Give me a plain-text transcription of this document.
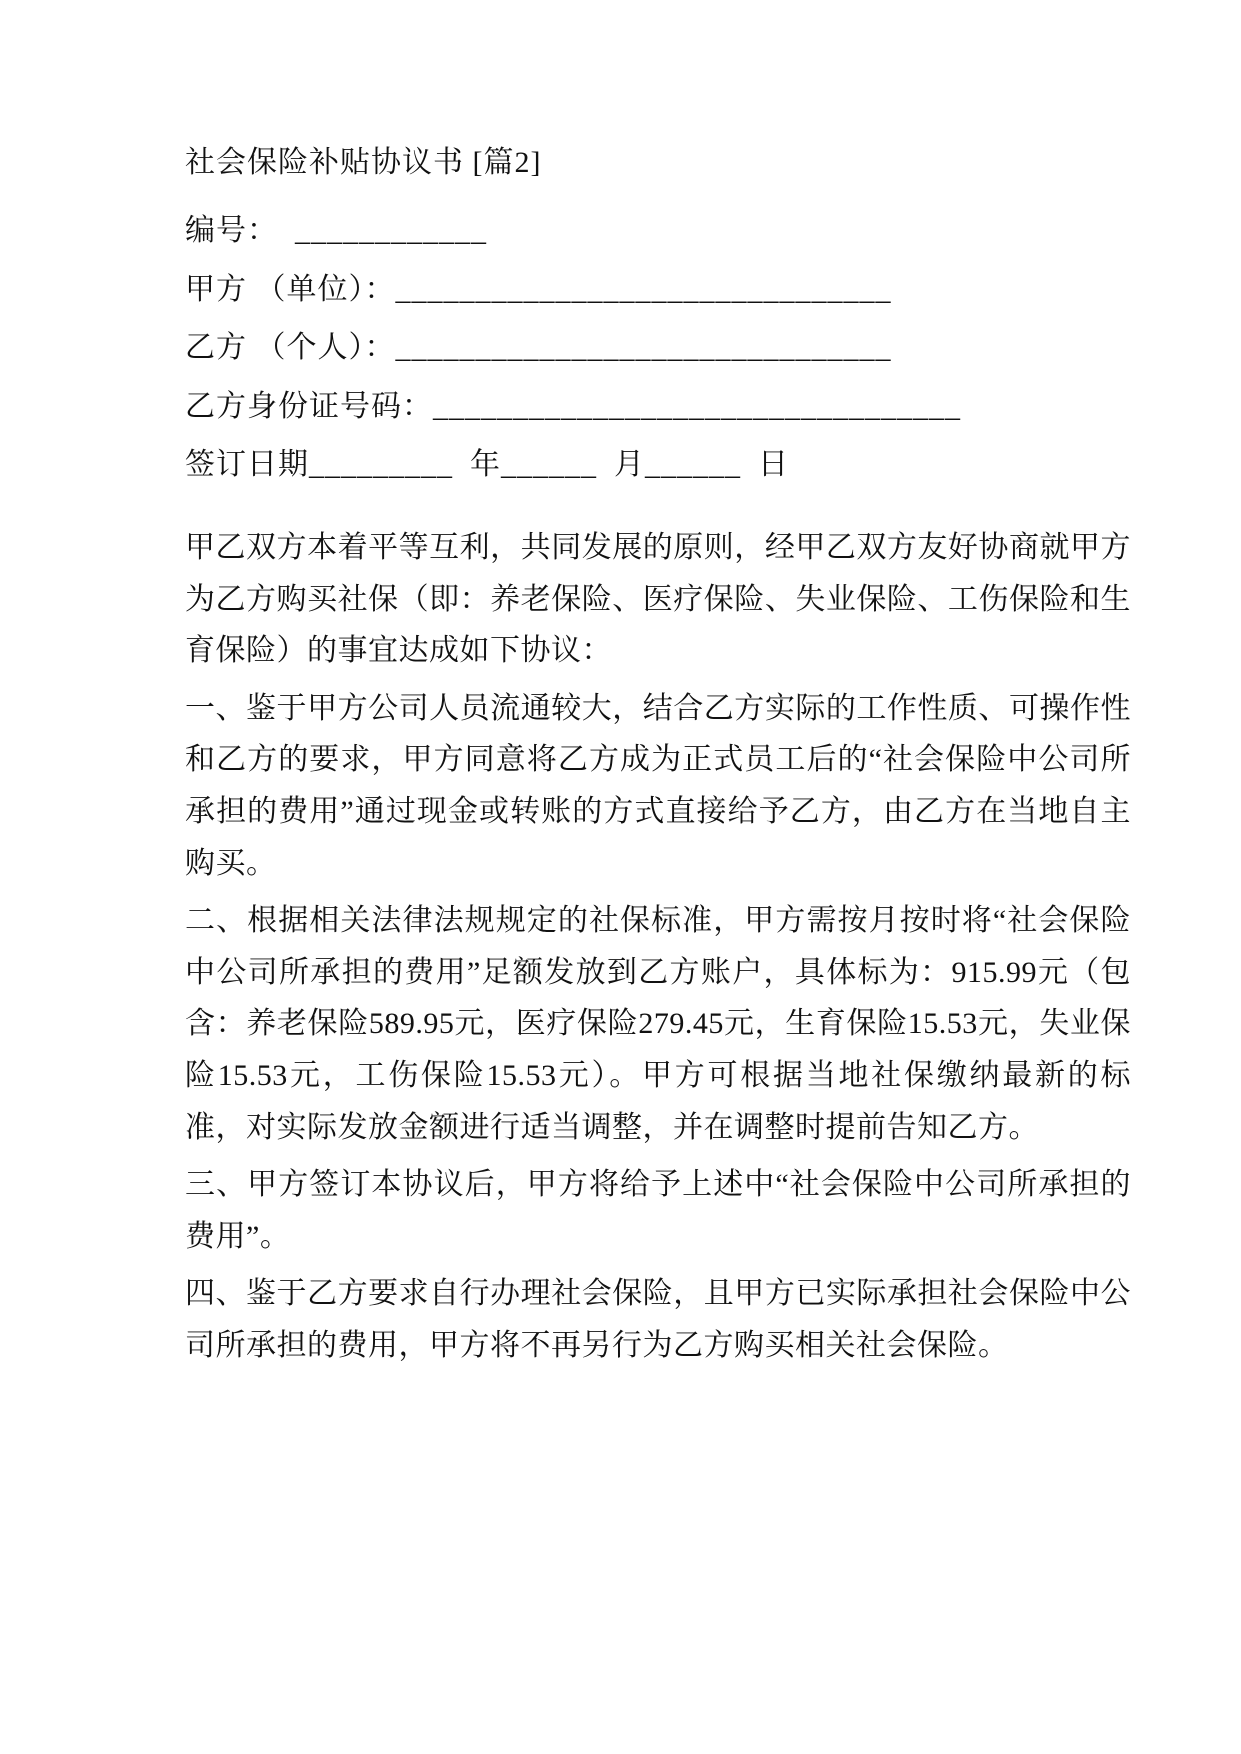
社会保险补贴协议书 [篇2]
编号：  ____________
甲方 （单位）：_______________________________
乙方 （个人）：_______________________________
乙方身份证号码：_________________________________
签订日期_________  年______  月______  日

甲乙双方本着平等互利，共同发展的原则，经甲乙双方友好协商就甲方为乙方购买社保（即：养老保险、医疗保险、失业保险、工伤保险和生育保险）的事宜达成如下协议：

一、鉴于甲方公司人员流通较大，结合乙方实际的工作性质、可操作性和乙方的要求，甲方同意将乙方成为正式员工后的“社会保险中公司所承担的费用”通过现金或转账的方式直接给予乙方，由乙方在当地自主购买。

二、根据相关法律法规规定的社保标准，甲方需按月按时将“社会保险中公司所承担的费用”足额发放到乙方账户，具体标为：915.99元（包含：养老保险589.95元，医疗保险279.45元，生育保险15.53元，失业保险15.53元，工伤保险15.53元）。甲方可根据当地社保缴纳最新的标准，对实际发放金额进行适当调整，并在调整时提前告知乙方。

三、甲方签订本协议后，甲方将给予上述中“社会保险中公司所承担的费用”。

四、鉴于乙方要求自行办理社会保险，且甲方已实际承担社会保险中公司所承担的费用，甲方将不再另行为乙方购买相关社会保险。
